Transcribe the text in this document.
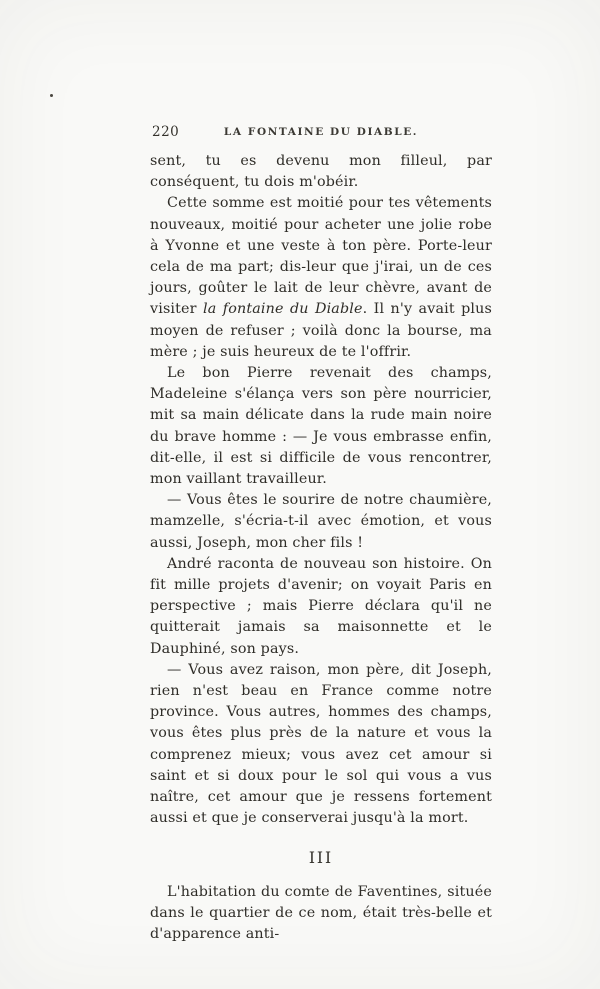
220	LA FONTAINE DU DIABLE.

sent, tu es devenu mon filleul, par conséquent, tu dois m'obéir.

Cette somme est moitié pour tes vêtements nouveaux, moitié pour acheter une jolie robe à Yvonne et une veste à ton père. Porte-leur cela de ma part; dis-leur que j'irai, un de ces jours, goûter le lait de leur chèvre, avant de visiter la fontaine du Diable. Il n'y avait plus moyen de refuser ; voilà donc la bourse, ma mère ; je suis heureux de te l'offrir.

Le bon Pierre revenait des champs, Madeleine s'élança vers son père nourricier, mit sa main délicate dans la rude main noire du brave homme : — Je vous embrasse enfin, dit-elle, il est si difficile de vous rencontrer, mon vaillant travailleur.

— Vous êtes le sourire de notre chaumière, mamzelle, s'écria-t-il avec émotion, et vous aussi, Joseph, mon cher fils !

André raconta de nouveau son histoire. On fit mille projets d'avenir; on voyait Paris en perspective ; mais Pierre déclara qu'il ne quitterait jamais sa maisonnette et le Dauphiné, son pays.

— Vous avez raison, mon père, dit Joseph, rien n'est beau en France comme notre province. Vous autres, hommes des champs, vous êtes plus près de la nature et vous la comprenez mieux; vous avez cet amour si saint et si doux pour le sol qui vous a vus naître, cet amour que je ressens fortement aussi et que je conserverai jusqu'à la mort.

III

L'habitation du comte de Faventines, située dans le quartier de ce nom, était très-belle et d'apparence anti-
